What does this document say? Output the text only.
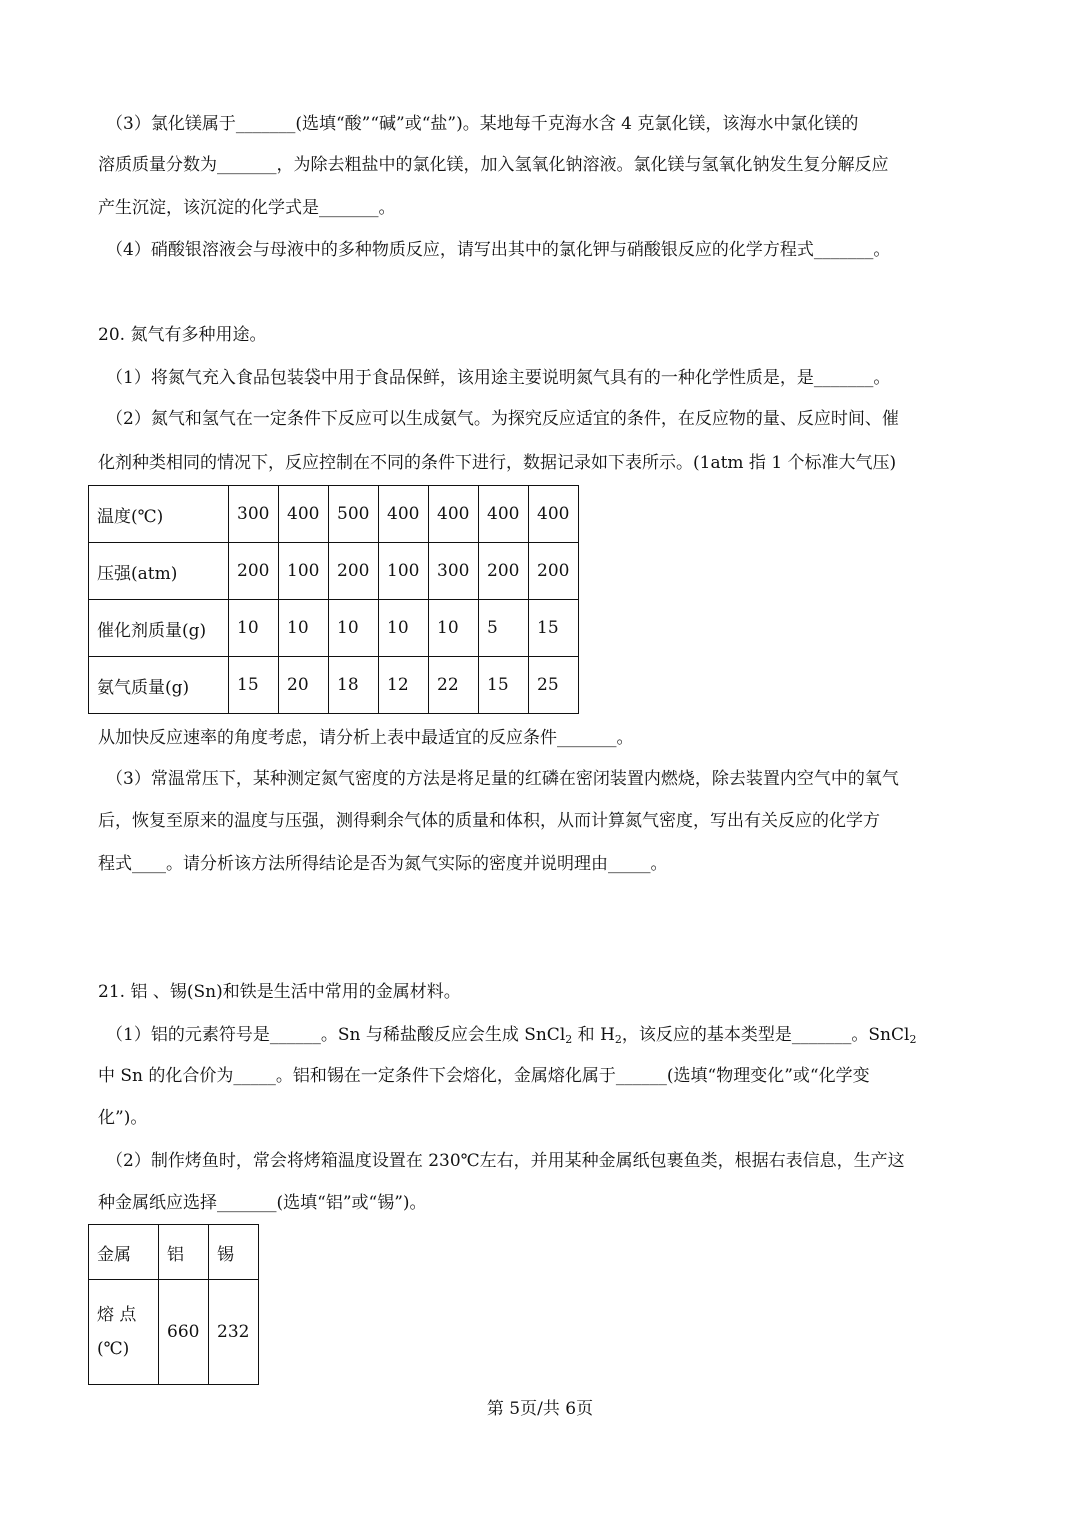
（3）氯化镁属于_______(选填“酸”“碱”或“盐”)。某地每千克海水含 4 克氯化镁，该海水中氯化镁的
溶质质量分数为_______，为除去粗盐中的氯化镁，加入氢氧化钠溶液。氯化镁与氢氧化钠发生复分解反应
产生沉淀，该沉淀的化学式是_______。
（4）硝酸银溶液会与母液中的多种物质反应，请写出其中的氯化钾与硝酸银反应的化学方程式_______。
20. 氮气有多种用途。
（1）将氮气充入食品包装袋中用于食品保鲜，该用途主要说明氮气具有的一种化学性质是，是_______。
（2）氮气和氢气在一定条件下反应可以生成氨气。为探究反应适宜的条件，在反应物的量、反应时间、催
化剂种类相同的情况下，反应控制在不同的条件下进行，数据记录如下表所示。(1atm 指 1 个标准大气压)
温度(℃)	300	400	500	400	400	400	400
压强(atm)	200	100	200	100	300	200	200
催化剂质量(g)	10	10	10	10	10	5	15
氨气质量(g)	15	20	18	12	22	15	25
从加快反应速率的角度考虑，请分析上表中最适宜的反应条件_______。
（3）常温常压下，某种测定氮气密度的方法是将足量的红磷在密闭装置内燃烧，除去装置内空气中的氧气
后，恢复至原来的温度与压强，测得剩余气体的质量和体积，从而计算氮气密度，写出有关反应的化学方
程式____。请分析该方法所得结论是否为氮气实际的密度并说明理由_____。
21. 铝 、锡(Sn)和铁是生活中常用的金属材料。
（1）铝的元素符号是______。Sn 与稀盐酸反应会生成 SnCl$_2$ 和 $H_2$，该反应的基本类型是_______。SnCl$_2$
中 Sn 的化合价为_____。铝和锡在一定条件下会熔化，金属熔化属于______(选填“物理变化”或“化学变
化”)。
（2）制作烤鱼时，常会将烤箱温度设置在 230℃左右，并用某种金属纸包裹鱼类，根据右表信息，生产这
种金属纸应选择_______(选填“铝”或“锡”)。
金属	铝	锡

熔 点
(℃)	660	232
第 5页/共 6页
